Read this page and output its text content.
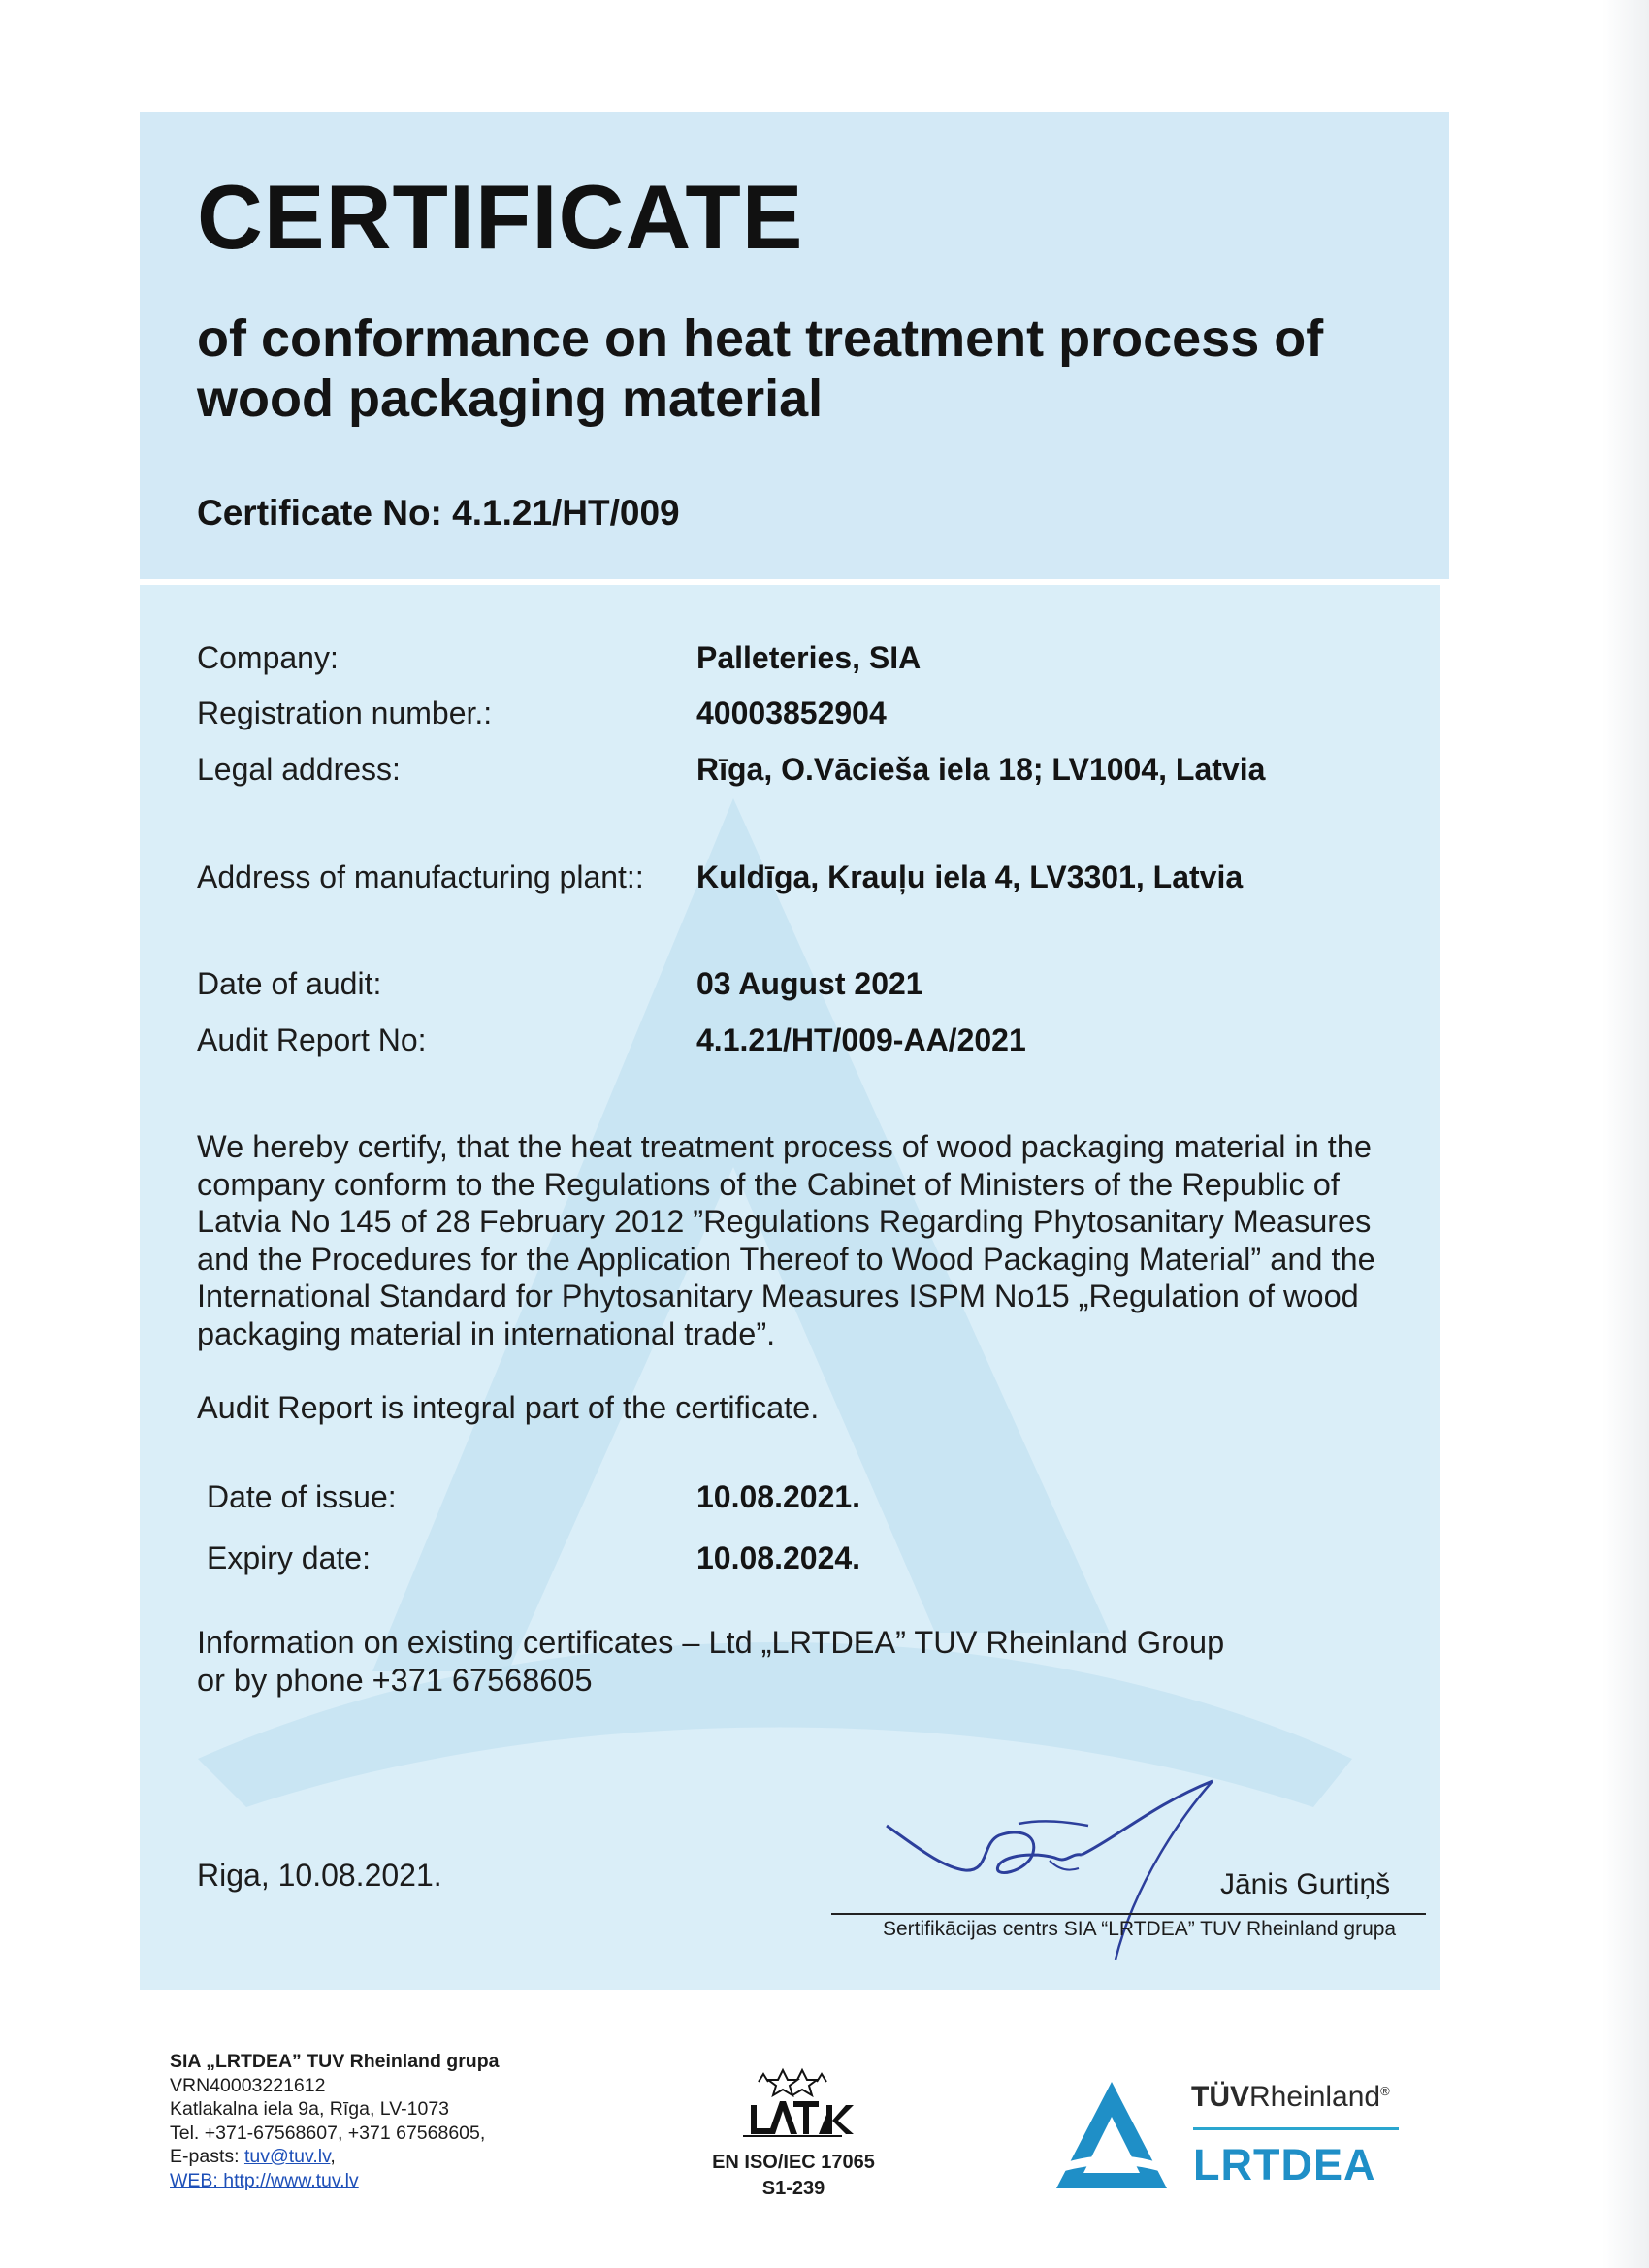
CERTIFICATE
of conformance on heat treatment process of wood packaging material
Certificate No: 4.1.21/HT/009
Company:	Palleteries, SIA
Registration number.:	40003852904
Legal address:	Rīga, O.Vācieša iela 18; LV1004, Latvia
Address of manufacturing plant:: Kuldīga, Krauļu iela 4, LV3301, Latvia
Date of audit:	03 August 2021
Audit Report No:	4.1.21/HT/009-AA/2021

We hereby certify, that the heat treatment process of wood packaging material in the

company conform to the Regulations of the Cabinet of Ministers of the Republic of

Latvia No 145 of 28 February 2012 ”Regulations Regarding Phytosanitary Measures

and the Procedures for the Application Thereof to Wood Packaging Material” and the

International Standard for Phytosanitary Measures ISPM No15 „Regulation of wood

packaging material in international trade”.

Audit Report is integral part of the certificate.

Date of issue:	10.08.2021.
Expiry date:	10.08.2024.

Information on existing certificates – Ltd „LRTDEA” TUV Rheinland Group

or by phone +371 67568605

Riga, 10.08.2021.	Jānis Gurtiņš
Sertifikācijas centrs SIA “LRTDEA” TUV Rheinland grupa
SIA „LRTDEA” TUV Rheinland grupa
VRN40003221612
Katlakalna iela 9a, Rīga, LV-1073
Tel. +371-67568607, +371 67568605,
E-pasts: tuv@tuv.lv,
WEB: http://www.tuv.lv
EN ISO/IEC 17065
S1-239
TÜVRheinland®
LRTDEA
